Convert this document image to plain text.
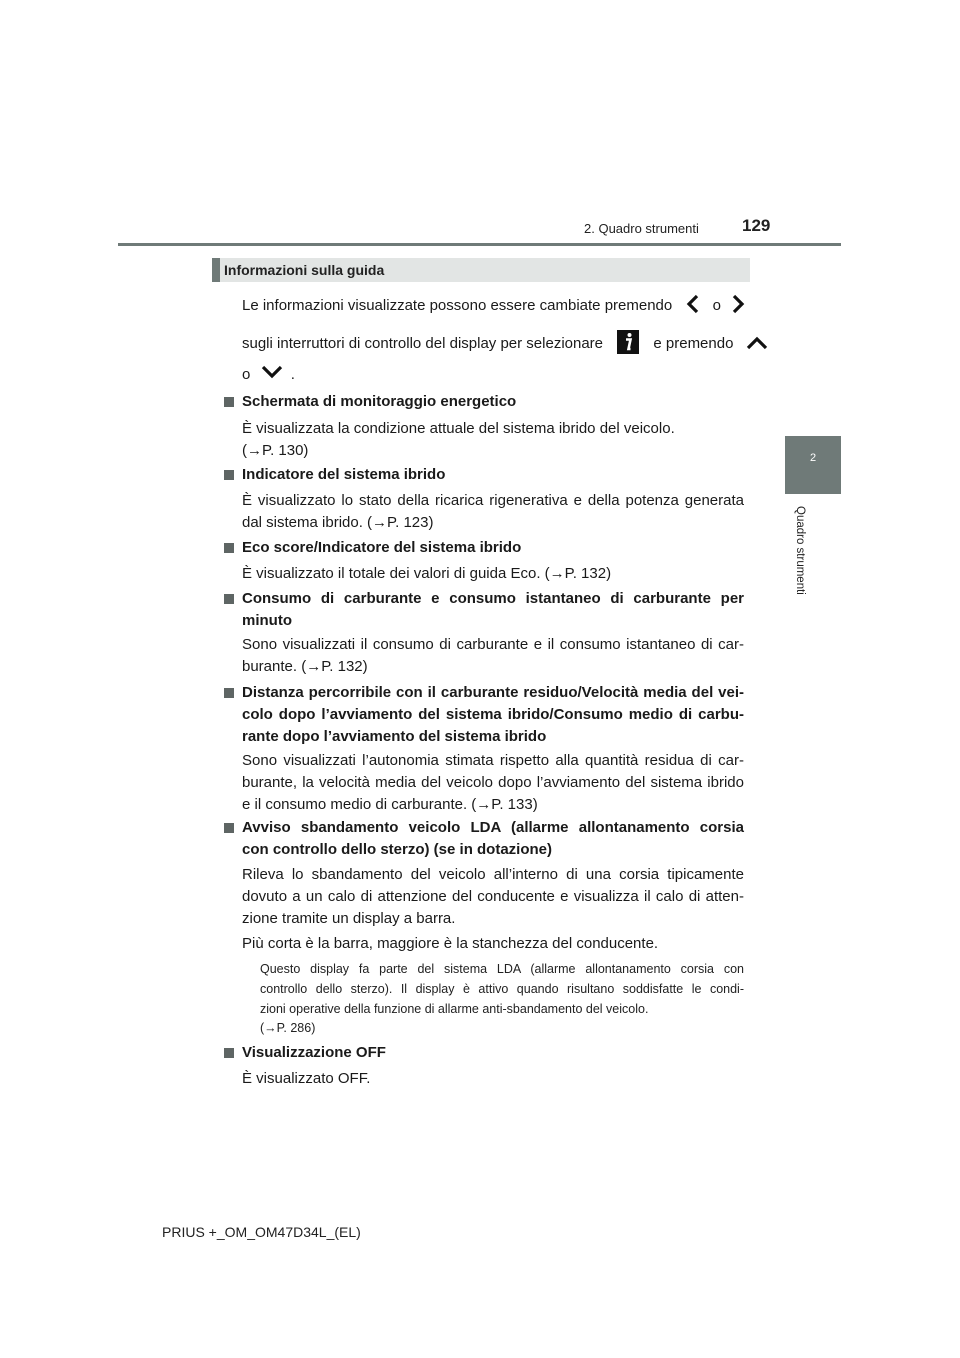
2. Quadro strumenti	129
2
Quadro strumenti
Informazioni sulla guida
Le informazioni visualizzate possono essere cambiate premendo	o
sugli interruttori di controllo del display per selezionare	e premendo
o	.
Schermata di monitoraggio energetico
È visualizzata la condizione attuale del sistema ibrido del veicolo.
(→P. 130)
Indicatore del sistema ibrido
È visualizzato lo stato della ricarica rigenerativa e della potenza generata
dal sistema ibrido. (→P. 123)
Eco score/Indicatore del sistema ibrido
È visualizzato il totale dei valori di guida Eco. (→P. 132)
Consumo di carburante e consumo istantaneo di carburante per
minuto
Sono visualizzati il consumo di carburante e il consumo istantaneo di car-
burante. (→P. 132)
Distanza percorribile con il carburante residuo/Velocità media del vei-
colo dopo l’avviamento del sistema ibrido/Consumo medio di carbu-
rante dopo l’avviamento del sistema ibrido
Sono visualizzati l’autonomia stimata rispetto alla quantità residua di car-
burante, la velocità media del veicolo dopo l’avviamento del sistema ibrido
e il consumo medio di carburante. (→P. 133)
Avviso sbandamento veicolo LDA (allarme allontanamento corsia
con controllo dello sterzo) (se in dotazione)
Rileva lo sbandamento del veicolo all’interno di una corsia tipicamente
dovuto a un calo di attenzione del conducente e visualizza il calo di atten-
zione tramite un display a barra.
Più corta è la barra, maggiore è la stanchezza del conducente.
Questo display fa parte del sistema LDA (allarme allontanamento corsia con
controllo dello sterzo). Il display è attivo quando risultano soddisfatte le condi-
zioni operative della funzione di allarme anti-sbandamento del veicolo.
(→P. 286)
Visualizzazione OFF
È visualizzato OFF.
PRIUS +_OM_OM47D34L_(EL)
